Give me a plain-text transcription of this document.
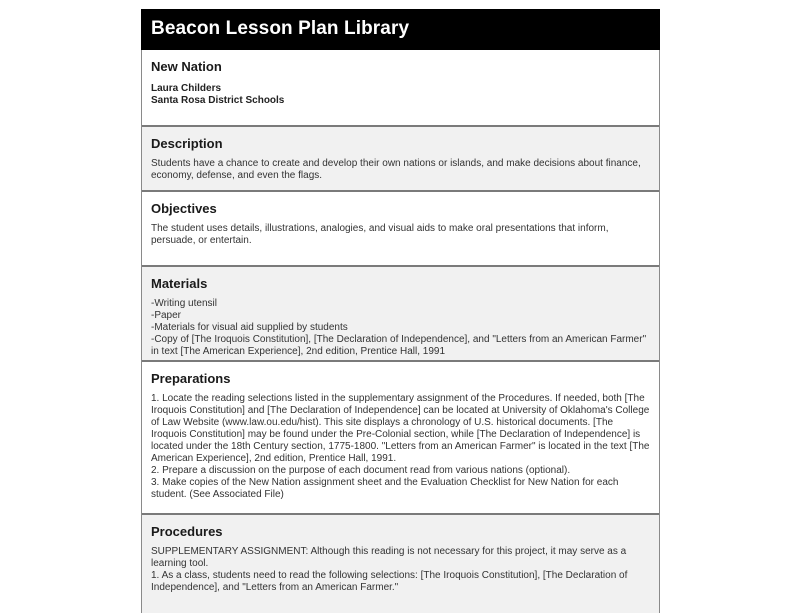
Beacon Lesson Plan Library
New Nation
Laura Childers
Santa Rosa District Schools
Description
Students have a chance to create and develop their own nations or islands, and make decisions about finance, economy, defense, and even the flags.
Objectives
The student uses details, illustrations, analogies, and visual aids to make oral presentations that inform, persuade, or entertain.
Materials
-Writing utensil
-Paper
-Materials for visual aid supplied by students
-Copy of [The Iroquois Constitution], [The Declaration of Independence], and "Letters from an American Farmer" in text [The American Experience], 2nd edition, Prentice Hall, 1991
Preparations
1. Locate the reading selections listed in the supplementary assignment of the Procedures. If needed, both [The Iroquois Constitution] and [The Declaration of Independence] can be located at University of Oklahoma's College of Law Website (www.law.ou.edu/hist). This site displays a chronology of U.S. historical documents. [The Iroquois Constitution] may be found under the Pre-Colonial section, while [The Declaration of Independence] is located under the 18th Century section, 1775-1800. "Letters from an American Farmer" is located in the text [The American Experience], 2nd edition, Prentice Hall, 1991.
2. Prepare a discussion on the purpose of each document read from various nations (optional).
3. Make copies of the New Nation assignment sheet and the Evaluation Checklist for New Nation for each student. (See Associated File)
Procedures
SUPPLEMENTARY ASSIGNMENT: Although this reading is not necessary for this project, it may serve as a learning tool.
1. As a class, students need to read the following selections: [The Iroquois Constitution], [The Declaration of Independence], and "Letters from an American Farmer."
